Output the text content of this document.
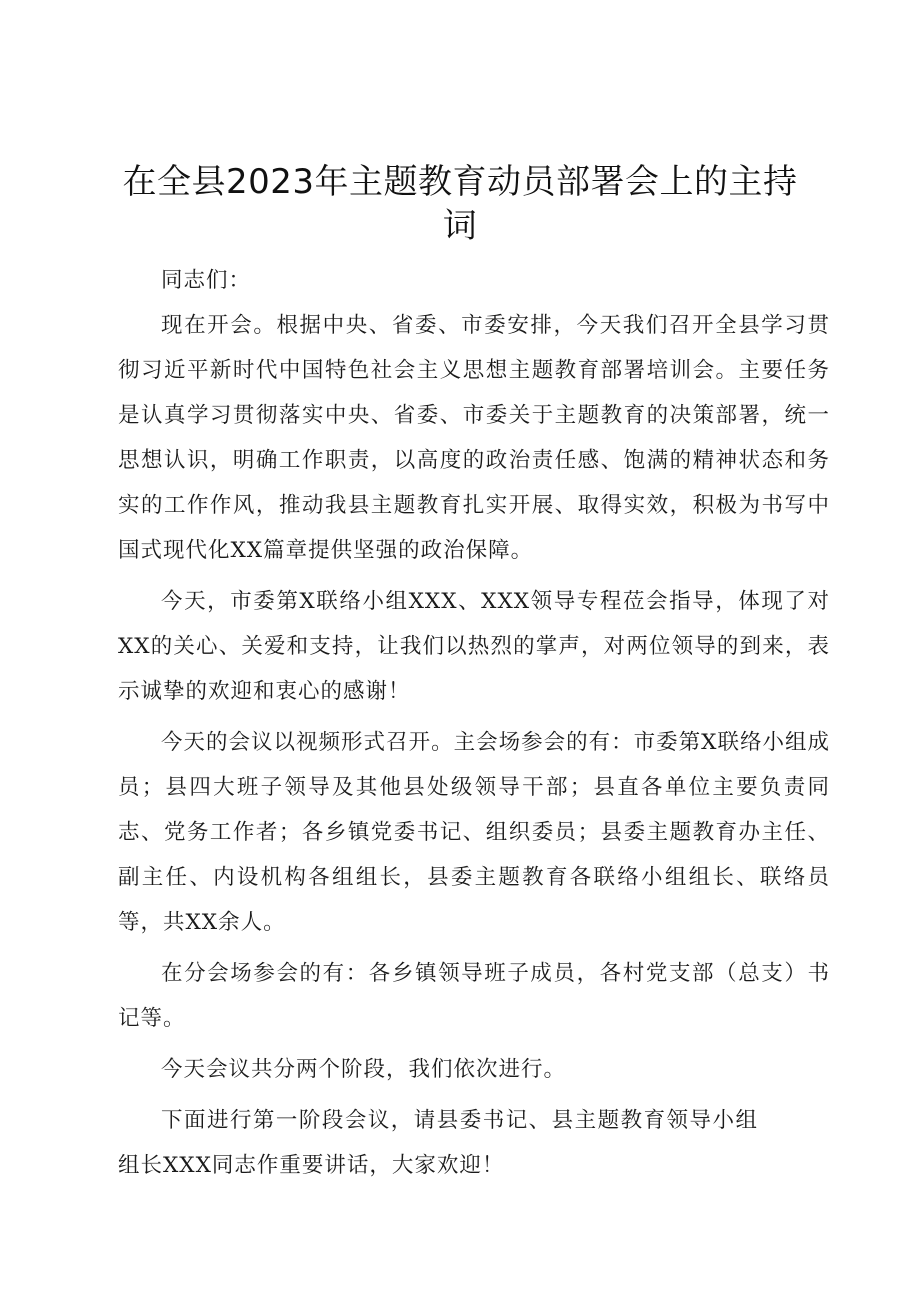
在全县2023年主题教育动员部署会上的主持词

同志们：

现在开会。根据中央、省委、市委安排，今天我们召开全县学习贯彻习近平新时代中国特色社会主义思想主题教育部署培训会。主要任务是认真学习贯彻落实中央、省委、市委关于主题教育的决策部署，统一思想认识，明确工作职责，以高度的政治责任感、饱满的精神状态和务实的工作作风，推动我县主题教育扎实开展、取得实效，积极为书写中国式现代化XX篇章提供坚强的政治保障。

今天，市委第X联络小组XXX、XXX领导专程莅会指导，体现了对XX的关心、关爱和支持，让我们以热烈的掌声，对两位领导的到来，表示诚挚的欢迎和衷心的感谢！

今天的会议以视频形式召开。主会场参会的有：市委第X联络小组成员；县四大班子领导及其他县处级领导干部；县直各单位主要负责同志、党务工作者；各乡镇党委书记、组织委员；县委主题教育办主任、副主任、内设机构各组组长，县委主题教育各联络小组组长、联络员等，共XX余人。

在分会场参会的有：各乡镇领导班子成员，各村党支部（总支）书记等。

今天会议共分两个阶段，我们依次进行。

下面进行第一阶段会议，请县委书记、县主题教育领导小组组长XXX同志作重要讲话，大家欢迎！
